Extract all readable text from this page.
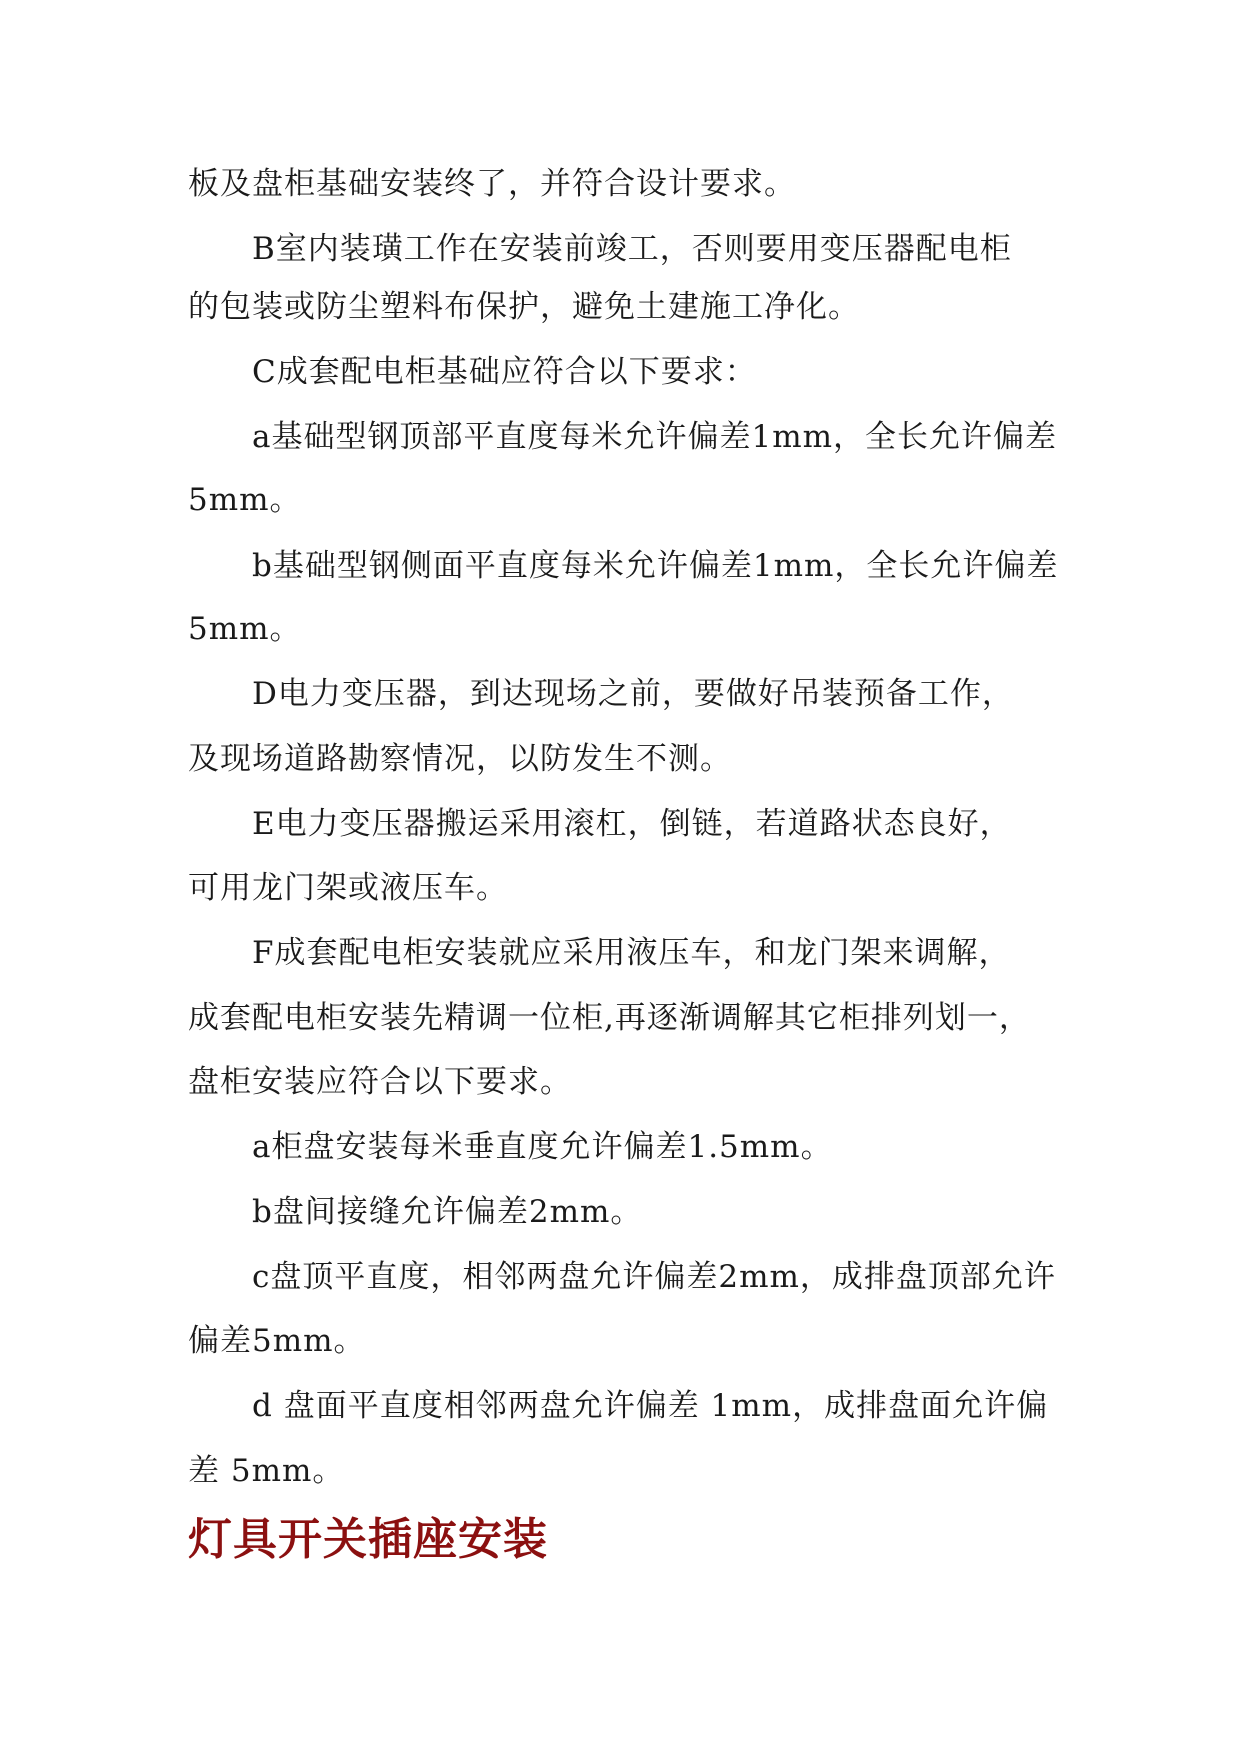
板及盘柜基础安装终了，并符合设计要求。
B室内装璜工作在安装前竣工，否则要用变压器配电柜
的包装或防尘塑料布保护，避免土建施工净化。
C成套配电柜基础应符合以下要求：
a基础型钢顶部平直度每米允许偏差1mm，全长允许偏差
5mm。
b基础型钢侧面平直度每米允许偏差1mm，全长允许偏差
5mm。
D电力变压器，到达现场之前，要做好吊装预备工作，
及现场道路勘察情况，以防发生不测。
E电力变压器搬运采用滚杠，倒链，若道路状态良好，
可用龙门架或液压车。
F成套配电柜安装就应采用液压车，和龙门架来调解，
成套配电柜安装先精调一位柜,再逐渐调解其它柜排列划一，
盘柜安装应符合以下要求。
a柜盘安装每米垂直度允许偏差1.5mm。
b盘间接缝允许偏差2mm。
c盘顶平直度，相邻两盘允许偏差2mm，成排盘顶部允许
偏差5mm。
d 盘面平直度相邻两盘允许偏差 1mm，成排盘面允许偏
差 5mm。
灯具开关插座安装
